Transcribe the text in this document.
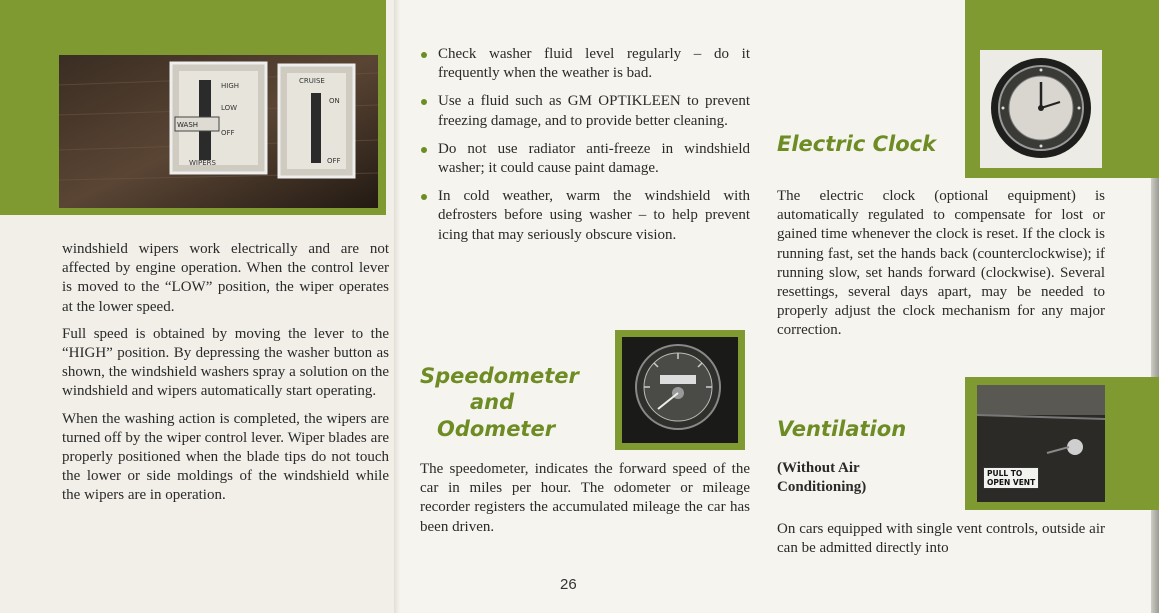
HIGH
LOW
WASH
OFF
WIPERS
CRUISE
ON
OFF

windshield wipers work electrically and are not affected by engine operation. When the control lever is moved to the “LOW” position, the wiper operates at the lower speed.

Full speed is obtained by moving the lever to the “HIGH” position. By depressing the washer button as shown, the windshield washers spray a solution on the windshield and wipers automatically start operating.

When the washing action is completed, the wipers are turned off by the wiper control lever. Wiper blades are properly positioned when the blade tips do not touch the lower or side moldings of the windshield while the wipers are in operation.

Check washer fluid level regularly – do it frequently when the weather is bad.
Use a fluid such as GM OPTIKLEEN to prevent freezing damage, and to provide better cleaning.
Do not use radiator anti-freeze in windshield washer; it could cause paint damage.
In cold weather, warm the windshield with defrosters before using washer – to help prevent icing that may seriously obscure vision.

Speedometer

and

Odometer

The speedometer, indicates the forward speed of the car in miles per hour. The odometer or mileage recorder registers the accumulated mileage the car has been driven.

26

Electric Clock

The electric clock (optional equipment) is automatically regulated to compensate for lost or gained time whenever the clock is reset. If the clock is running fast, set the hands back (counterclockwise); if running slow, set hands forward (clockwise). Several resettings, several days apart, may be needed to properly adjust the clock mechanism for any major correction.

PULL TO
OPEN VENT

Ventilation

(Without Air
Conditioning)

On cars equipped with single vent controls, outside air can be admitted directly into
